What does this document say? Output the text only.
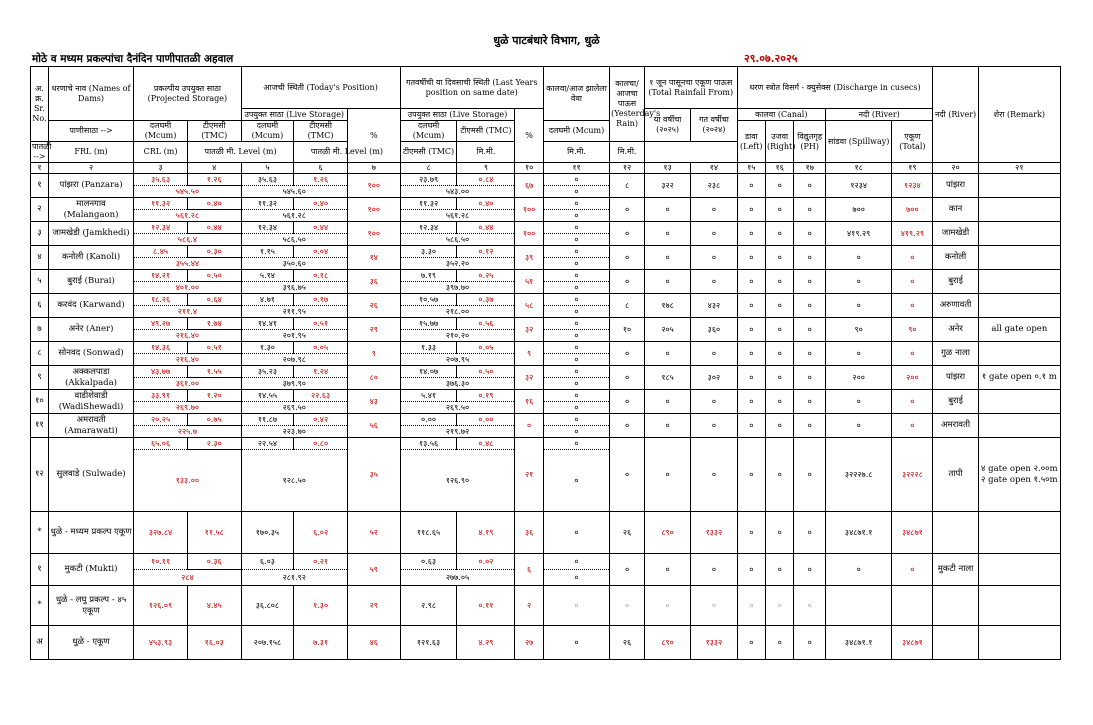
धुळे पाटबंधारे विभाग, धुळे
मोठे व मध्यम प्रकल्पांचा दैनंदिन पाणीपातळी अहवाल	२९.०७.२०२५
अ. क्र. Sr. No.	धरणाचे नाव (Names of Dams)	प्रकल्पीय उपयुक्त साठा (Projected Storage)		आजची स्थिती (Today's Position)			गतवर्षीची या दिवसाची स्थिती (Last Years position on same date)			कालवा/आज झालेला वेवा	कालचा/आजचा पाऊस (Yesterday's Rain)	१ जून पासूनचा एकूण पाऊस (Total Rainfall From)		धरण स्त्रोत विसर्ग - क्युसेक्स (Discharge in cusecs)					नदी (River)	शेरा (Remark)
				उपयुक्त साठा (Live Storage)		%	उपयुक्त साठा (Live Storage)		%			या वर्षीचा (२०२५)	गत वर्षीचा (२०२४)	कालवा (Canal)			नदी (River)			
	पाणीसाठा -->	दलघमी (Mcum)	टीएमसी (TMC)	दलघमी (Mcum)	टीएमसी (TMC)		दलघमी (Mcum)	टीएमसी (TMC)		दलघमी (Mcum)				डावा (Left)	उजवा (Right)	विद्युतगृह (PH)	सांडवा (Spillway)	एकूण (Total)		
पातळी -->	FRL (m)	CRL (m)	पातळी मी. Level (m)		पातळी मी. Level (m)		टीएमसी (TMC)	मि.मी.		मि.मी.	मि.मी.									
१	२	३	४	५	६	७	८	९	१०	११	१२	१३	१४	१५	१६	१७	१८	१९	२०	२१
१	पांझरा (Panzara)	३५.६३	१.२६	३५.६३	१.२६	१००	२३.७९	०.८४	६७	०	८	३२२	२३८	०	०	०	१२३४	१२३४	पांझरा	
		५४५.५०		५४५.६०			५४३.००			०										
२	मालनगाव (Malangaon)	११.३२	०.४०	११.३२	०.४०	१००	११.३२	०.४०	१००	०	०	०	०	०	०	०	७००	७००	कान	
		५६१.२८		५६१.२८			५६१.२८			०										
३	जामखेडी (Jamkhedi)	१२.३४	०.४४	१२.३४	०.४४	१००	१२.३४	०.४४	१००	०	०	०	०	०	०	०	४१९.२९	४१९.२९	जामखेडी	
		५८६.४		५८६.५०			५८६.५०			०										
४	कनोली (Kanoli)	८.४५	०.३०	१.१५	०.०४	१४	३.३०	०.१२	३९	०	०	०	०	०	०	०	०	०	कनोली	
		३५५.४४		३५०.६०			३५२.२०			०										
५	बुराई (Burai)	१४.२१	०.५०	५.१४	०.१८	३६	७.१९	०.२५	५१	०	०	०	०	०	०	०	०	०	बुराई	
		४०१.००		३९६.७५			३९७.७०			०										
६	करवंद (Karwand)	१८.२६	०.६४	४.७१	०.१७	२६	१०.५७	०.३७	५८	०	८	१७८	४३२	०	०	०	०	०	अरुणावती	
		२११.४		२११.९५			२१८.००			०										
७	अनेर (Aner)	४९.२७	१.७४	१४.४१	०.५१	२९	१५.७७	०.५६	३२	०	१०	२०५	३६०	०	०	०	९०	९०	अनेर	all gate open
		२१६.४०		२०१.९५			२१०.२०			०										
८	सोनवद (Sonwad)	१४.३६	०.५१	१.३०	०.०५	९	१.३३	०.०५	९	०	०	०	०	०	०	०	०	०	गुळ नाला	
		२१६.४०		२०७.९८			२०७.९५			०										
९	अक्कलपाडा (Akkalpada)	४३.७७	१.५५	३५.२३	१.२४	८०	१४.०७	०.५०	३२	०	०	१८५	३०२	०	०	०	२००	२००	पांझरा	१ gate open ०.१ m
		३६१.००		३७९.९०			३७६.३०			०										
१०	वाडीशेवाडी (WadiShewadi)	३३.९१	१.२०	१४.५५	२२.६३	४३	५.४१	०.१९	१६	०	०	०	०	०	०	०	०	०	बुराई	
		२६९.७०		२६९.५०			२६९.५०			०										
११	अमरावती (Amarawati)	२०.२५	०.७५	११.८७	०.४२	५६	०.००	०.००	०	०	०	०	०	०	०	०	०	०	अमरावती	
		२२५.७		२२३.७०			२१९.७२			०										
१२	सुलवाडे (Sulwade)	६५.०६	२.३०	२२.५४	०.८०	३५	१३.५६	०.४८	२१	०	०	०	०	०	०	०	३२२२७.८	३२२२८	तापी	४ gate open २.००m २ gate open १.५०m
		१३३.००		१२८.५०			१२६.९०			०										
*	धुळे - मध्यम प्रकल्प एकूण	३२७.८४	११.५८	१७०.३५	६.०२	५२	११८.६५	४.१९	३६	०	२६	८९०	१३३२	०	०	०	३४८७१.१	३४८७१		
१	मुकटी (Mukti)	१०.११	०.३६	६.०३	०.२१	५९	०.६३	०.०२	६	०	०	०	०	०	०	०	०	०	मुकटी नाला	
		२८४		२८१.९२			२७७.०५			०										
*	धुळे - लघु प्रकल्प - ४५ एकूण	१२६.०९	४.४५	३६.८०८	१.३०	२९	२.९८	०.११	२	०	०	०	०	०	०	०				
अ	धुळे - एकूण	४५३.९३	१६.०३	२०७.१५८	७.३१	४६	१२१.६३	४.२९	२७	०	२६	८९०	१३३२	०	०	०	३४८७१.१	३४८७१		
